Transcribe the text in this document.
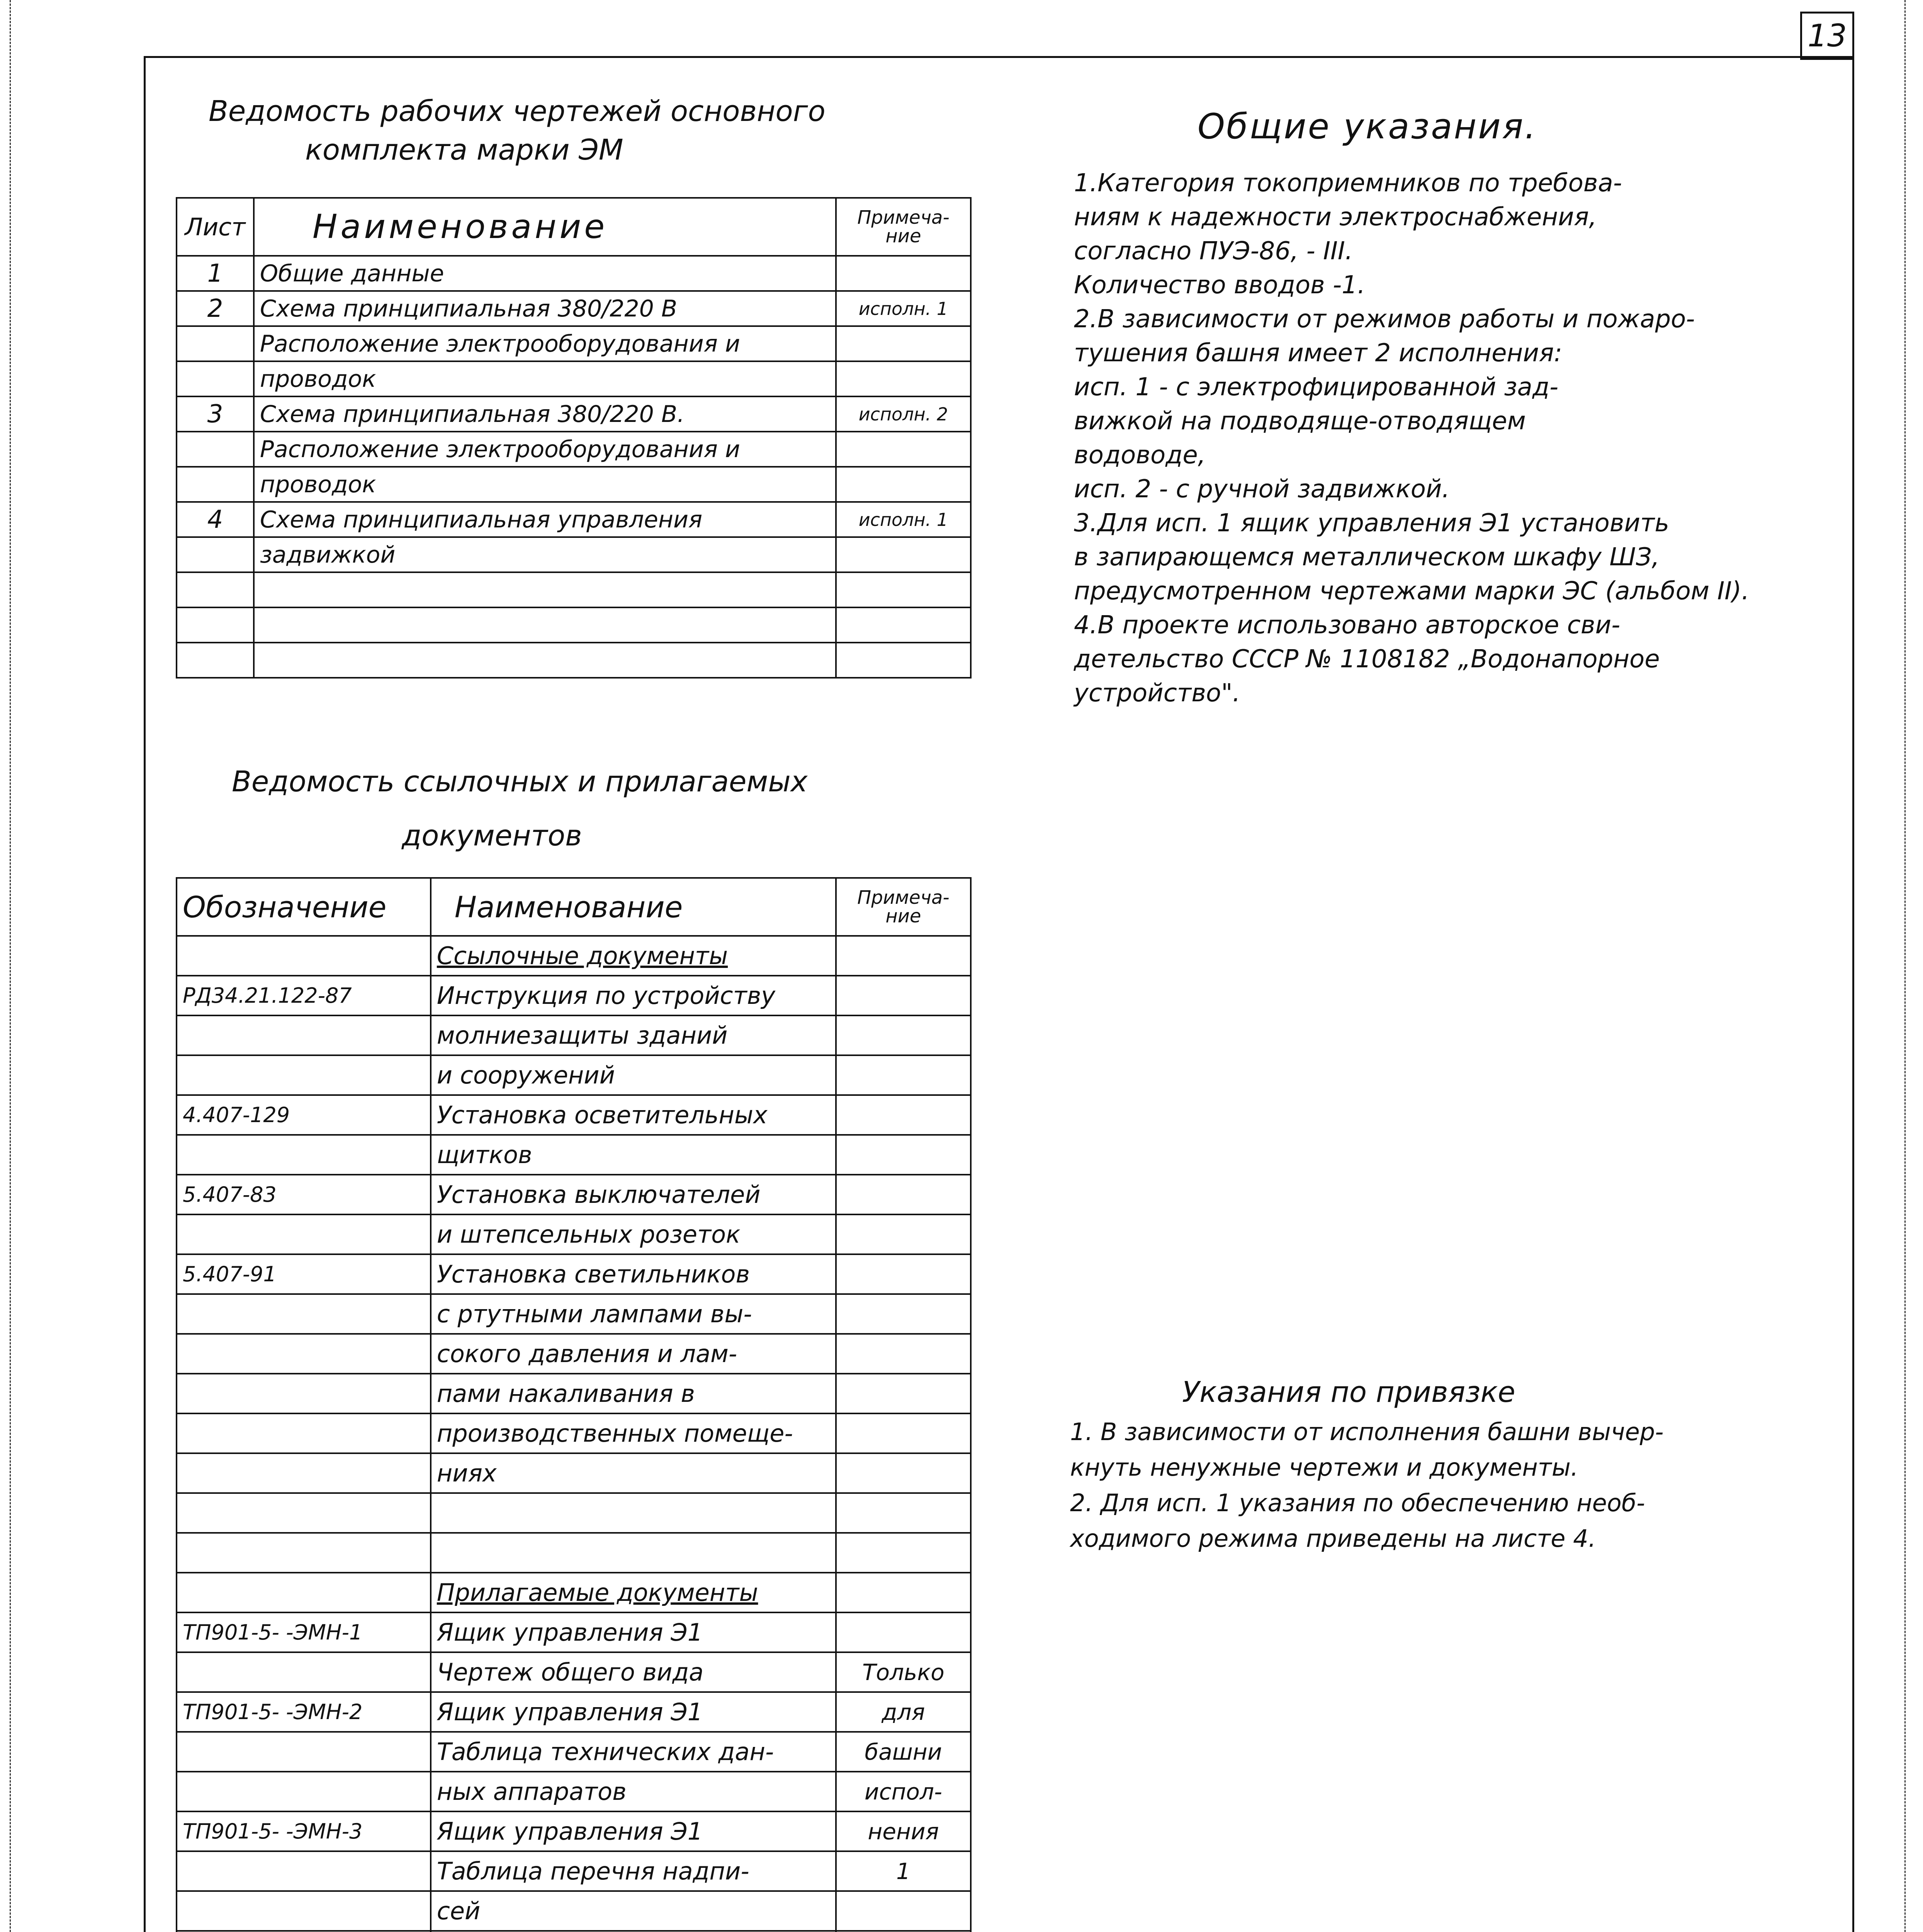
13
Ведомость рабочих чертежей основного
комплекта марки ЭМ
Лист	Наименование	Примеча-ние
1	Общие данные	
2	Схема принципиальная 380/220 В	исполн. 1
	Расположение электрооборудования и	
	проводок	
3	Схема принципиальная 380/220 В.	исполн. 2
	Расположение электрооборудования и	
	проводок	
4	Схема принципиальная управления	исполн. 1
	задвижкой	

Общие указания.
1.Категория токоприемников по требова-
ниям к надежности электроснабжения,
согласно ПУЭ-86, - III.
Количество вводов -1.
2.В зависимости от режимов работы и пожаро-
тушения башня имеет 2 исполнения:
исп. 1 - с электрофицированной зад-
вижкой на подводяще-отводящем
водоводе,
исп. 2 - с ручной задвижкой.
3.Для исп. 1 ящик управления Э1 установить
в запирающемся металлическом шкафу ШЗ,
предусмотренном чертежами марки ЭС (альбом II).
4.В проекте использовано авторское сви-
детельство СССР № 1108182 „Водонапорное
устройство".
Ведомость ссылочных и прилагаемых
документов
Обозначение	Наименование	Примеча-ние
	Ссылочные документы	
РД34.21.122-87	Инструкция по устройству	
	молниезащиты зданий	
	и сооружений	
4.407-129	Установка осветительных	
	щитков	
5.407-83	Установка выключателей	
	и штепсельных розеток	
5.407-91	Установка светильников	
	с ртутными лампами вы-	
	сокого давления и лам-	
	пами накаливания в	
	производственных помеще-	
	ниях	

	Прилагаемые документы	
ТП901-5- -ЭМН-1	Ящик управления Э1	
	Чертеж общего вида	Только
ТП901-5- -ЭМН-2	Ящик управления Э1	для
	Таблица технических дан-	башни
	ных аппаратов	испол-
ТП901-5- -ЭМН-3	Ящик управления Э1	нения
	Таблица перечня надпи-	1
	сей	

Указания по привязке
1. В зависимости от исполнения башни вычер-
кнуть ненужные чертежи и документы.
2. Для исп. 1 указания по обеспечению необ-
ходимого режима приведены на листе 4.
